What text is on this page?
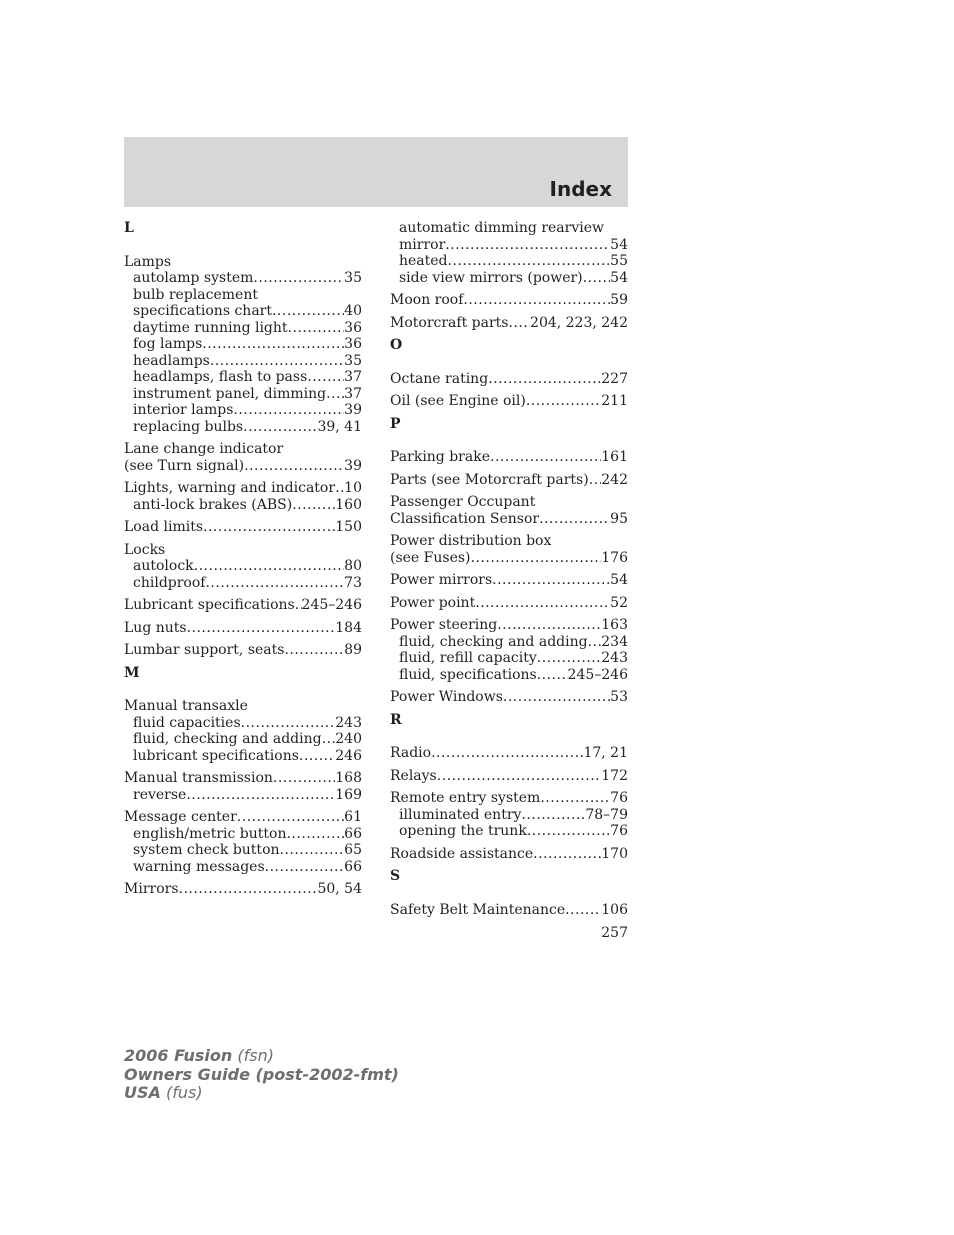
Index
L
Lamps
autolamp system .....	35
bulb replacement
specifications chart .....	40
daytime running light .....	36
fog lamps .....	36
headlamps .....	35
headlamps, flash to pass .....	37
instrument panel, dimming ..... 37
interior lamps .....	39
replacing bulbs .....	39, 41
Lane change indicator
(see Turn signal) .....	39
Lights, warning and indicator ..... 10
anti-lock brakes (ABS) .....	160
Load limits .....	150
Locks
autolock .....	80
childproof .....	73
Lubricant specifications ..... 245–246
Lug nuts .....	184
Lumbar support, seats .....	89
M
Manual transaxle
fluid capacities .....	243
fluid, checking and adding ..... 240
lubricant specifications .....	246
Manual transmission .....	168
reverse .....	169
Message center .....	61
english/metric button .....	66
system check button .....	65
warning messages .....	66
Mirrors .....	50, 54
automatic dimming rearview
mirror .....	54
heated .....	55
side view mirrors (power) ..... 54
Moon roof .....	59
Motorcraft parts ..... 204, 223, 242
O
Octane rating .....	227
Oil (see Engine oil) .....	211
P
Parking brake .....	161
Parts (see Motorcraft parts) ..... 242
Passenger Occupant
Classification Sensor .....	95
Power distribution box
(see Fuses) .....	176
Power mirrors .....	54
Power point .....	52
Power steering .....	163
fluid, checking and adding ..... 234
fluid, refill capacity .....	243
fluid, specifications ..... 245–246
Power Windows .....	53
R
Radio .....	17, 21
Relays .....	172
Remote entry system .....	76
illuminated entry .....	78–79
opening the trunk .....	76
Roadside assistance .....	170
S
Safety Belt Maintenance .....	106
257
2006 Fusion (fsn)
Owners Guide (post-2002-fmt)
USA (fus)
